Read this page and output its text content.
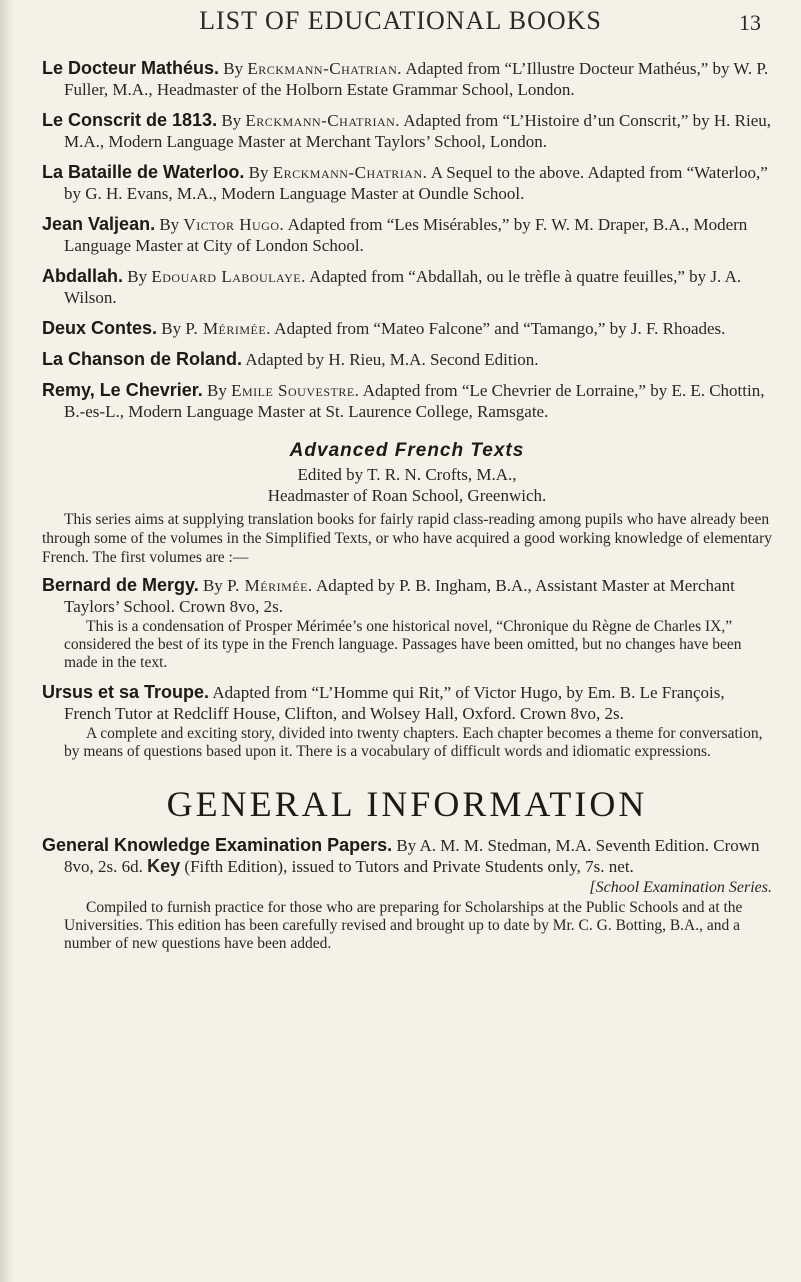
LIST OF EDUCATIONAL BOOKS	13
Le Docteur Mathéus. By Erckmann-Chatrian. Adapted from “L’Illustre Docteur Mathéus,” by W. P. Fuller, M.A., Headmaster of the Holborn Estate Grammar School, London.
Le Conscrit de 1813. By Erckmann-Chatrian. Adapted from “L’Histoire d’un Conscrit,” by H. Rieu, M.A., Modern Language Master at Merchant Taylors’ School, London.
La Bataille de Waterloo. By Erckmann-Chatrian. A Sequel to the above. Adapted from “Waterloo,” by G. H. Evans, M.A., Modern Language Master at Oundle School.
Jean Valjean. By Victor Hugo. Adapted from “Les Misérables,” by F. W. M. Draper, B.A., Modern Language Master at City of London School.
Abdallah. By Edouard Laboulaye. Adapted from “Abdallah, ou le trèfle à quatre feuilles,” by J. A. Wilson.
Deux Contes. By P. Mérimée. Adapted from “Mateo Falcone” and “Tamango,” by J. F. Rhoades.
La Chanson de Roland. Adapted by H. Rieu, M.A. Second Edition.
Remy, Le Chevrier. By Emile Souvestre. Adapted from “Le Chevrier de Lorraine,” by E. E. Chottin, B.-es-L., Modern Language Master at St. Laurence College, Ramsgate.
Advanced French Texts
Edited by T. R. N. Crofts, M.A.,
Headmaster of Roan School, Greenwich.
This series aims at supplying translation books for fairly rapid class-reading among pupils who have already been through some of the volumes in the Simplified Texts, or who have acquired a good working knowledge of elementary French. The first volumes are :—
Bernard de Mergy. By P. Mérimée. Adapted by P. B. Ingham, B.A., Assistant Master at Merchant Taylors’ School. Crown 8vo, 2s.
This is a condensation of Prosper Mérimée’s one historical novel, “Chronique du Règne de Charles IX,” considered the best of its type in the French language. Passages have been omitted, but no changes have been made in the text.
Ursus et sa Troupe. Adapted from “L’Homme qui Rit,” of Victor Hugo, by Em. B. Le François, French Tutor at Redcliff House, Clifton, and Wolsey Hall, Oxford. Crown 8vo, 2s.
A complete and exciting story, divided into twenty chapters. Each chapter becomes a theme for conversation, by means of questions based upon it. There is a vocabulary of difficult words and idiomatic expressions.
GENERAL INFORMATION
General Knowledge Examination Papers. By A. M. M. Stedman, M.A. Seventh Edition. Crown 8vo, 2s. 6d. Key (Fifth Edition), issued to Tutors and Private Students only, 7s. net.
[School Examination Series.
Compiled to furnish practice for those who are preparing for Scholarships at the Public Schools and at the Universities. This edition has been carefully revised and brought up to date by Mr. C. G. Botting, B.A., and a number of new questions have been added.
